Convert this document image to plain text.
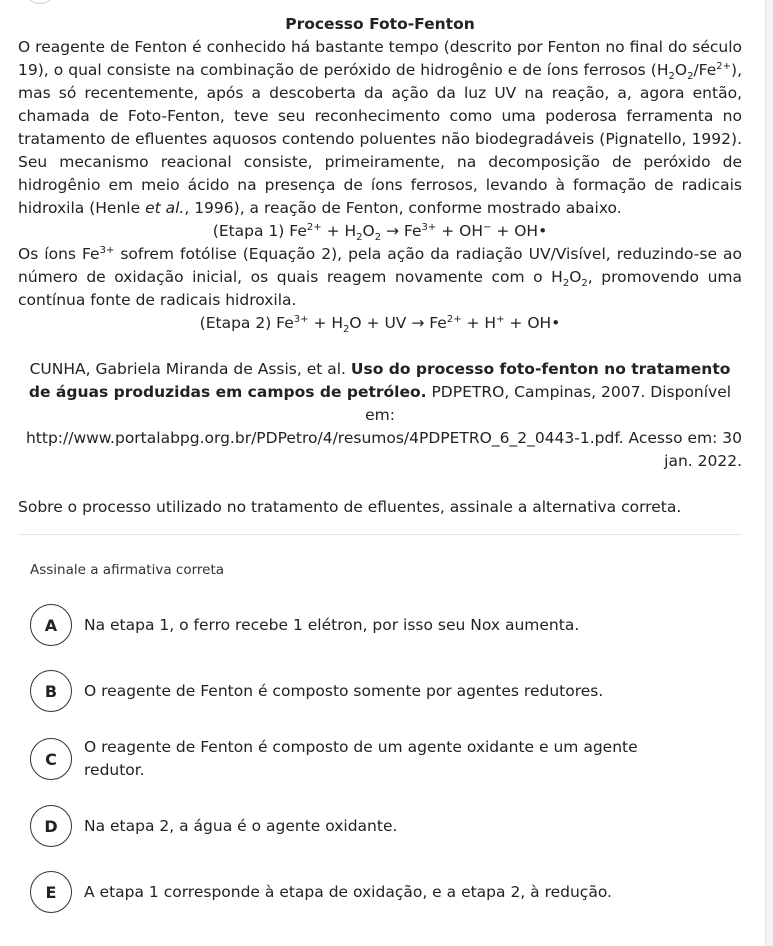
Processo Foto-Fenton

O reagente de Fenton é conhecido há bastante tempo (descrito por Fenton no final do século 19), o qual consiste na combinação de peróxido de hidrogênio e de íons ferrosos $(H_2O_2/Fe^{2+})$, mas só recentemente, após a descoberta da ação da luz UV na reação, a, agora então, chamada de Foto-Fenton, teve seu reconhecimento como uma poderosa ferramenta no tratamento de efluentes aquosos contendo poluentes não biodegradáveis (Pignatello, 1992). Seu mecanismo reacional consiste, primeiramente, na decomposição de peróxido de hidrogênio em meio ácido na presença de íons ferrosos, levando à formação de radicais hidroxila (Henle et al., 1996), a reação de Fenton, conforme mostrado abaixo.

(Etapa 1) $Fe^{2+} + H_2O_2 \to Fe^{3+} + OH^-$ + OH•

Os íons $Fe^{3+}$ sofrem fotólise (Equação 2), pela ação da radiação UV/Visível, reduzindo-se ao número de oxidação inicial, os quais reagem novamente com o $H_2O_2$, promovendo uma contínua fonte de radicais hidroxila.

(Etapa 2) $Fe^{3+} + H_2O$ + UV → $Fe^{2+} + H^+$ + OH•

CUNHA, Gabriela Miranda de Assis, et al. Uso do processo foto-fenton no tratamento de águas produzidas em campos de petróleo. PDPETRO, Campinas, 2007. Disponível em:

http://www.portalabpg.org.br/PDPetro/4/resumos/4PDPETRO_6_2_0443-1.pdf. Acesso em: 30 jan. 2022.

Sobre o processo utilizado no tratamento de efluentes, assinale a alternativa correta.

Assinale a afirmativa correta
A	Na etapa 1, o ferro recebe 1 elétron, por isso seu Nox aumenta.
B	O reagente de Fenton é composto somente por agentes redutores.
C
O reagente de Fenton é composto de um agente oxidante e um agente redutor.
D	Na etapa 2, a água é o agente oxidante.
E	A etapa 1 corresponde à etapa de oxidação, e a etapa 2, à redução.
